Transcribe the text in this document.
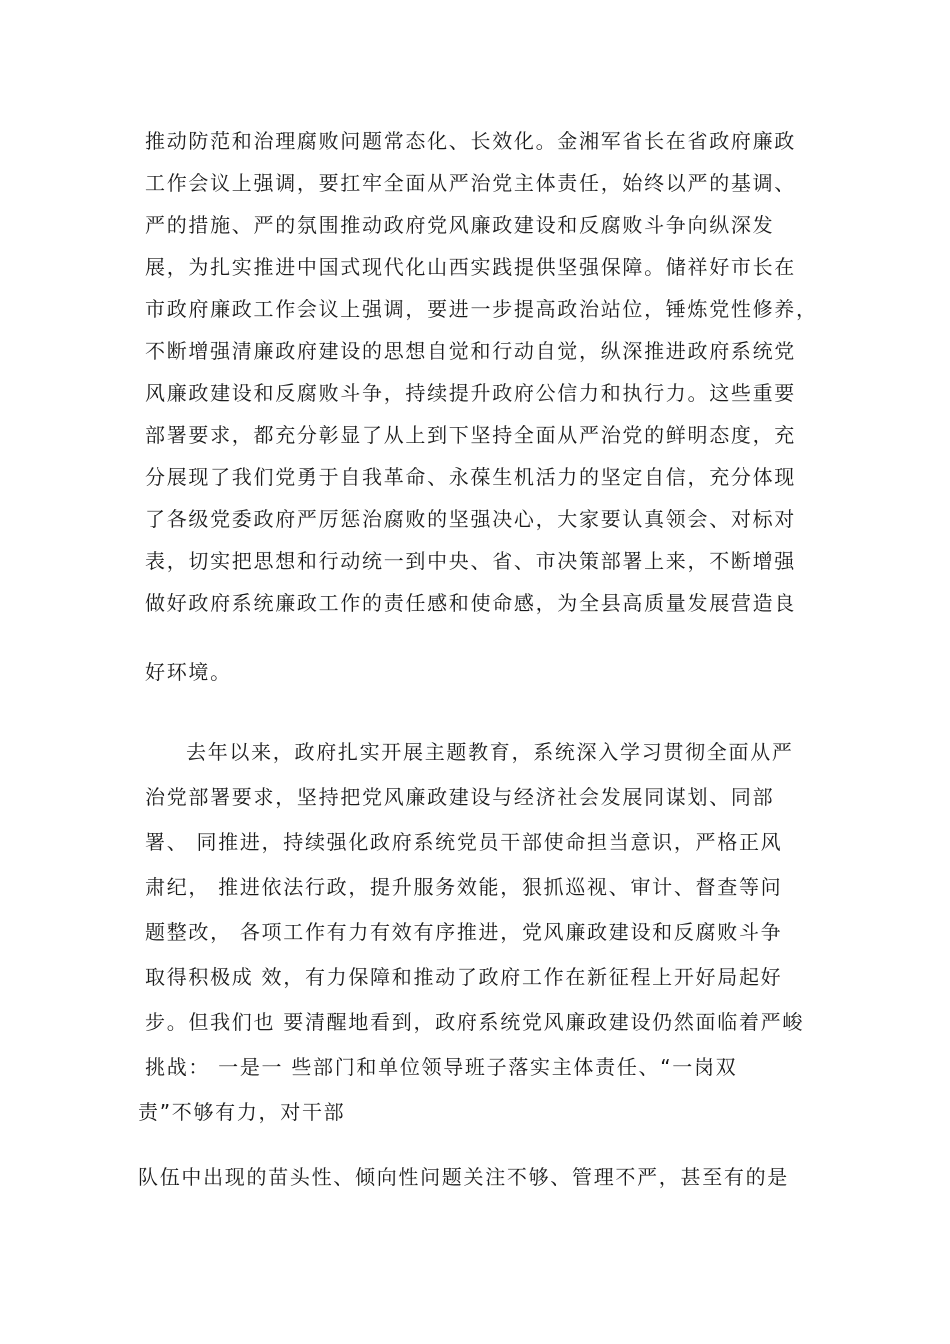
推动防范和治理腐败问题常态化、长效化。金湘军省长在省政府廉政
工作会议上强调，要扛牢全面从严治党主体责任，始终以严的基调、
严的措施、严的氛围推动政府党风廉政建设和反腐败斗争向纵深发
展，为扎实推进中国式现代化山西实践提供坚强保障。储祥好市长在
市政府廉政工作会议上强调，要进一步提高政治站位，锤炼党性修养，
不断增强清廉政府建设的思想自觉和行动自觉，纵深推进政府系统党
风廉政建设和反腐败斗争，持续提升政府公信力和执行力。这些重要
部署要求，都充分彰显了从上到下坚持全面从严治党的鲜明态度，充
分展现了我们党勇于自我革命、永葆生机活力的坚定自信，充分体现
了各级党委政府严厉惩治腐败的坚强决心，大家要认真领会、对标对
表，切实把思想和行动统一到中央、省、市决策部署上来，不断增强
做好政府系统廉政工作的责任感和使命感，为全县高质量发展营造良
好环境。
去年以来，政府扎实开展主题教育，系统深入学习贯彻全面从严
治党部署要求，坚持把党风廉政建设与经济社会发展同谋划、同部
署、 同推进，持续强化政府系统党员干部使命担当意识，严格正风
肃纪， 推进依法行政，提升服务效能，狠抓巡视、审计、督查等问
题整改， 各项工作有力有效有序推进，党风廉政建设和反腐败斗争
取得积极成 效，有力保障和推动了政府工作在新征程上开好局起好
步。但我们也 要清醒地看到，政府系统党风廉政建设仍然面临着严峻
挑战： 一是一 些部门和单位领导班子落实主体责任、“一岗双
责”不够有力，对干部
队伍中出现的苗头性、倾向性问题关注不够、管理不严，甚至有的是
